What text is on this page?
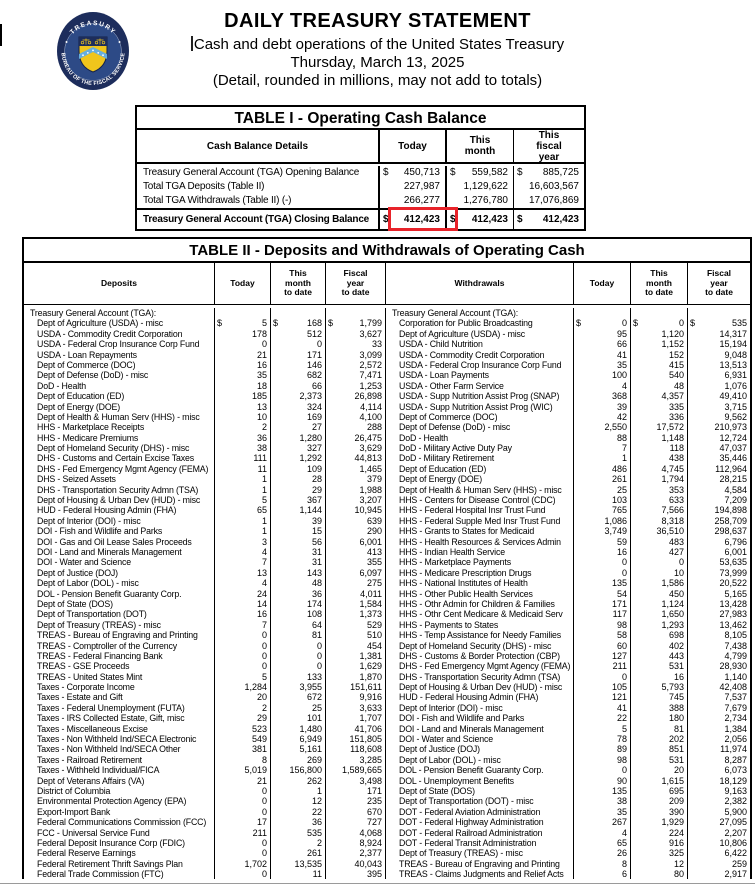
TREASURY
BUREAU OF THE FISCAL SERVICE
DAILY TREASURY STATEMENT
Cash and debt operations of the United States Treasury
Thursday, March 13, 2025
(Detail, rounded in millions, may not add to totals)
TABLE I - Operating Cash Balance
Cash Balance Details	Today	This
month
This
fiscal
year
Treasury General Account (TGA) Opening Balance	$ 450,713	$ 559,582 $ 885,725
Total TGA Deposits (Table II)	227,987	1,129,622	16,603,567
Total TGA Withdrawals (Table II) (-)	266,277	1,276,780	17,076,869
Treasury General Account (TGA) Closing Balance	$ 412,423	$ 412,423 $ 412,423
TABLE II - Deposits and Withdrawals of Operating Cash
Deposits	Today
This
month
to date
Fiscal
year
to date
Withdrawals	Today
This
month
to date
Fiscal
year
to date
Treasury General Account (TGA):
Dept of Agriculture (USDA) - misc	$	5 $	168 $	1,799
USDA - Commodity Credit Corporation	178	512	3,627
USDA - Federal Crop Insurance Corp Fund	0	0	33
USDA - Loan Repayments	21	171	3,099
Dept of Commerce (DOC)	16	146	2,572
Dept of Defense (DoD) - misc	35	682	7,471
DoD - Health	18	66	1,253
Dept of Education (ED)	185	2,373	26,898
Dept of Energy (DOE)	13	324	4,114
Dept of Health & Human Serv (HHS) - misc	10	169	4,100
HHS - Marketplace Receipts	2	27	288
HHS - Medicare Premiums	36	1,280	26,475
Dept of Homeland Security (DHS) - misc	38	327	3,629
DHS - Customs and Certain Excise Taxes	111	1,292	44,813
DHS - Fed Emergency Mgmt Agency (FEMA)	11	109	1,465
DHS - Seized Assets	1	28	379
DHS - Transportation Security Admn (TSA)	1	29	1,988
Dept of Housing & Urban Dev (HUD) - misc	5	367	3,207
HUD - Federal Housing Admin (FHA)	65	1,144	10,945
Dept of Interior (DOI) - misc	1	39	639
DOI - Fish and Wildlife and Parks	1	15	290
DOI - Gas and Oil Lease Sales Proceeds	3	56	6,001
DOI - Land and Minerals Management	4	31	413
DOI - Water and Science	7	31	355
Dept of Justice (DOJ)	13	143	6,097
Dept of Labor (DOL) - misc	4	48	275
DOL - Pension Benefit Guaranty Corp.	24	36	4,011
Dept of State (DOS)	14	174	1,584
Dept of Transportation (DOT)	16	108	1,373
Dept of Treasury (TREAS) - misc	7	64	529
TREAS - Bureau of Engraving and Printing	0	81	510
TREAS - Comptroller of the Currency	0	0	454
TREAS - Federal Financing Bank	0	0	1,381
TREAS - GSE Proceeds	0	0	1,629
TREAS - United States Mint	5	133	1,870
Taxes - Corporate Income	1,284	3,955	151,611
Taxes - Estate and Gift	20	672	9,916
Taxes - Federal Unemployment (FUTA)	2	25	3,633
Taxes - IRS Collected Estate, Gift, misc	29	101	1,707
Taxes - Miscellaneous Excise	523	1,480	41,706
Taxes - Non Withheld Ind/SECA Electronic	549	6,949	151,805
Taxes - Non Withheld Ind/SECA Other	381	5,161	118,608
Taxes - Railroad Retirement	8	269	3,285
Taxes - Withheld Individual/FICA	5,019	156,800	1,589,665
Dept of Veterans Affairs (VA)	21	262	3,498
District of Columbia	0	1	171
Environmental Protection Agency (EPA)	0	12	235
Export-Import Bank	0	22	670
Federal Communications Commission (FCC)	17	36	727
FCC - Universal Service Fund	211	535	4,068
Federal Deposit Insurance Corp (FDIC)	0	2	8,924
Federal Reserve Earnings	0	261	2,377
Federal Retirement Thrift Savings Plan	1,702	13,535	40,043
Federal Trade Commission (FTC)	0	11	395
Treasury General Account (TGA):
Corporation for Public Broadcasting	$	0 $	0 $	535
Dept of Agriculture (USDA) - misc	95	1,120	14,317
USDA - Child Nutrition	66	1,152	15,194
USDA - Commodity Credit Corporation	41	152	9,048
USDA - Federal Crop Insurance Corp Fund	35	415	13,513
USDA - Loan Payments	100	540	6,931
USDA - Other Farm Service	4	48	1,076
USDA - Supp Nutrition Assist Prog (SNAP)	368	4,357	49,410
USDA - Supp Nutrition Assist Prog (WIC)	39	335	3,715
Dept of Commerce (DOC)	42	336	9,562
Dept of Defense (DoD) - misc	2,550	17,572	210,973
DoD - Health	88	1,148	12,724
DoD - Military Active Duty Pay	7	118	47,037
DoD - Military Retirement	1	438	35,446
Dept of Education (ED)	486	4,745	112,964
Dept of Energy (DOE)	261	1,794	28,215
Dept of Health & Human Serv (HHS) - misc	25	353	4,584
HHS - Centers for Disease Control (CDC)	103	633	7,209
HHS - Federal Hospital Insr Trust Fund	765	7,566	194,898
HHS - Federal Supple Med Insr Trust Fund	1,086	8,318	258,709
HHS - Grants to States for Medicaid	3,749	36,510	298,637
HHS - Health Resources & Services Admin	59	483	6,796
HHS - Indian Health Service	16	427	6,001
HHS - Marketplace Payments	0	0	53,635
HHS - Medicare Prescription Drugs	0	10	73,999
HHS - National Institutes of Health	135	1,586	20,522
HHS - Other Public Health Services	54	450	5,165
HHS - Othr Admin for Children & Families	171	1,124	13,428
HHS - Othr Cent Medicare & Medicaid Serv	117	1,650	27,983
HHS - Payments to States	98	1,293	13,462
HHS - Temp Assistance for Needy Families	58	698	8,105
Dept of Homeland Security (DHS) - misc	60	402	7,438
DHS - Customs & Border Protection (CBP)	127	443	4,799
DHS - Fed Emergency Mgmt Agency (FEMA)	211	531	28,930
DHS - Transportation Security Admn (TSA)	0	16	1,140
Dept of Housing & Urban Dev (HUD) - misc	105	5,793	42,408
HUD - Federal Housing Admin (FHA)	121	745	7,537
Dept of Interior (DOI) - misc	41	388	7,679
DOI - Fish and Wildlife and Parks	22	180	2,734
DOI - Land and Minerals Management	5	81	1,384
DOI - Water and Science	78	202	2,056
Dept of Justice (DOJ)	89	851	11,974
Dept of Labor (DOL) - misc	98	531	8,287
DOL - Pension Benefit Guaranty Corp.	0	20	6,073
DOL - Unemployment Benefits	90	1,615	18,129
Dept of State (DOS)	135	695	9,163
Dept of Transportation (DOT) - misc	38	209	2,382
DOT - Federal Aviation Administration	35	390	5,900
DOT - Federal Highway Administration	267	1,929	27,095
DOT - Federal Railroad Administration	4	224	2,207
DOT - Federal Transit Administration	65	916	10,806
Dept of Treasury (TREAS) - misc	26	325	6,422
TREAS - Bureau of Engraving and Printing	8	12	259
TREAS - Claims Judgments and Relief Acts	6	80	2,917
